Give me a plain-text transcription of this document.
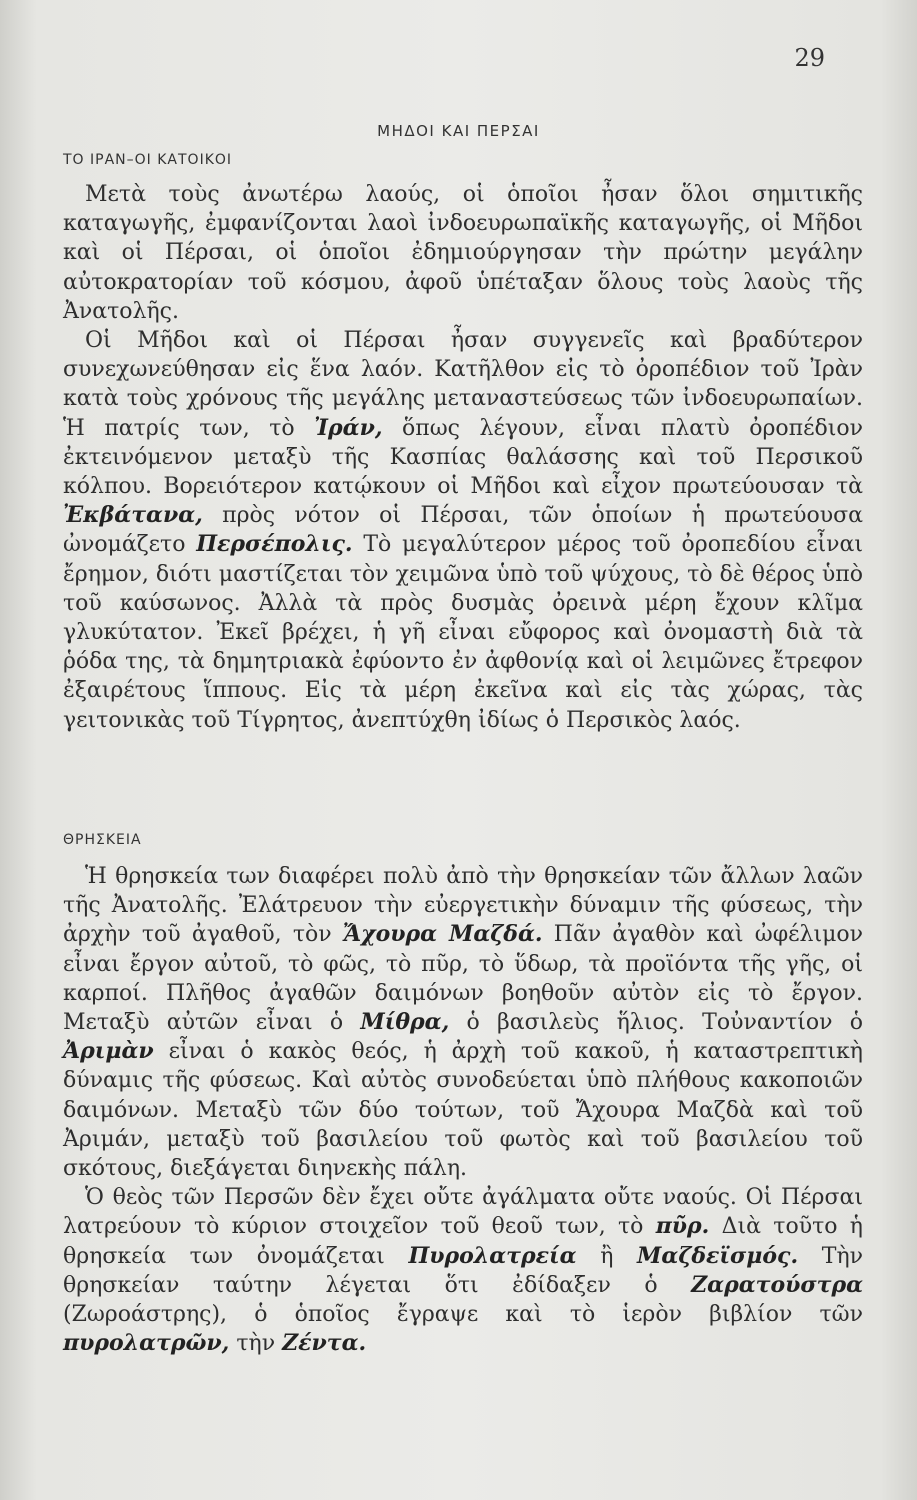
29
ΜΗΔΟΙ ΚΑΙ ΠΕΡΣΑΙ
ΤΟ ΙΡΑΝ–ΟΙ ΚΑΤΟΙΚΟΙ

Μετὰ τοὺς ἀνωτέρω λαούς, οἱ ὁποῖοι ἦσαν ὅλοι σημιτικῆς καταγωγῆς, ἐμφανίζονται λαοὶ ἰνδοευρωπαϊκῆς καταγωγῆς, οἱ Μῆδοι καὶ οἱ Πέρσαι, οἱ ὁποῖοι ἐδημιούργησαν τὴν πρώτην μεγάλην αὐτοκρατορίαν τοῦ κόσμου, ἀφοῦ ὑπέταξαν ὅλους τοὺς λαοὺς τῆς Ἀνατολῆς.

Οἱ Μῆδοι καὶ οἱ Πέρσαι ἦσαν συγγενεῖς καὶ βραδύτερον συνεχωνεύθησαν εἰς ἕνα λαόν. Κατῆλθον εἰς τὸ ὀροπέδιον τοῦ Ἰρὰν κατὰ τοὺς χρόνους τῆς μεγάλης μεταναστεύσεως τῶν ἰνδοευρωπαίων. Ἡ πατρίς των, τὸ Ἰράν, ὅπως λέγουν, εἶναι πλατὺ ὀροπέδιον ἐκτεινόμενον μεταξὺ τῆς Κασπίας θαλάσσης καὶ τοῦ Περσικοῦ κόλπου. Βορειότερον κατῴκουν οἱ Μῆδοι καὶ εἶχον πρωτεύουσαν τὰ Ἐκβάτανα, πρὸς νότον οἱ Πέρσαι, τῶν ὁποίων ἡ πρωτεύουσα ὠνομάζετο Περσέπολις. Τὸ μεγαλύτερον μέρος τοῦ ὀροπεδίου εἶναι ἔρημον, διότι μαστίζεται τὸν χειμῶνα ὑπὸ τοῦ ψύχους, τὸ δὲ θέρος ὑπὸ τοῦ καύσωνος. Ἀλλὰ τὰ πρὸς δυσμὰς ὀρεινὰ μέρη ἔχουν κλῖμα γλυκύτατον. Ἐκεῖ βρέχει, ἡ γῆ εἶναι εὔφορος καὶ ὀνομαστὴ διὰ τὰ ῥόδα της, τὰ δημητριακὰ ἐφύοντο ἐν ἀφθονίᾳ καὶ οἱ λειμῶνες ἔτρεφον ἐξαιρέτους ἵππους. Εἰς τὰ μέρη ἐκεῖνα καὶ εἰς τὰς χώρας, τὰς γειτονικὰς τοῦ Τίγρητος, ἀνεπτύχθη ἰδίως ὁ Περσικὸς λαός.

ΘΡΗΣΚΕΙΑ

Ἡ θρησκεία των διαφέρει πολὺ ἀπὸ τὴν θρησκείαν τῶν ἄλλων λαῶν τῆς Ἀνατολῆς. Ἐλάτρευον τὴν εὐεργετικὴν δύναμιν τῆς φύσεως, τὴν ἀρχὴν τοῦ ἀγαθοῦ, τὸν Ἄχουρα Μαζδά. Πᾶν ἀγαθὸν καὶ ὠφέλιμον εἶναι ἔργον αὐτοῦ, τὸ φῶς, τὸ πῦρ, τὸ ὕδωρ, τὰ προϊόντα τῆς γῆς, οἱ καρποί. Πλῆθος ἀγαθῶν δαιμόνων βοηθοῦν αὐτὸν εἰς τὸ ἔργον. Μεταξὺ αὐτῶν εἶναι ὁ Μίθρα, ὁ βασιλεὺς ἥλιος. Τοὐναντίον ὁ Ἀριμὰν εἶναι ὁ κακὸς θεός, ἡ ἀρχὴ τοῦ κακοῦ, ἡ καταστρεπτικὴ δύναμις τῆς φύσεως. Καὶ αὐτὸς συνοδεύεται ὑπὸ πλήθους κακοποιῶν δαιμόνων. Μεταξὺ τῶν δύο τούτων, τοῦ Ἄχουρα Μαζδὰ καὶ τοῦ Ἀριμάν, μεταξὺ τοῦ βασιλείου τοῦ φωτὸς καὶ τοῦ βασιλείου τοῦ σκότους, διεξάγεται διηνεκὴς πάλη.

Ὁ θεὸς τῶν Περσῶν δὲν ἔχει οὔτε ἀγάλματα οὔτε ναούς. Οἱ Πέρσαι λατρεύουν τὸ κύριον στοιχεῖον τοῦ θεοῦ των, τὸ πῦρ. Διὰ τοῦτο ἡ θρησκεία των ὀνομάζεται Πυρολατρεία ἢ Μαζδεϊσμός. Τὴν θρησκείαν ταύτην λέγεται ὅτι ἐδίδαξεν ὁ Ζαρατούστρα (Ζωροάστρης), ὁ ὁποῖος ἔγραψε καὶ τὸ ἱερὸν βιβλίον τῶν πυρολατρῶν, τὴν Ζέντα.
